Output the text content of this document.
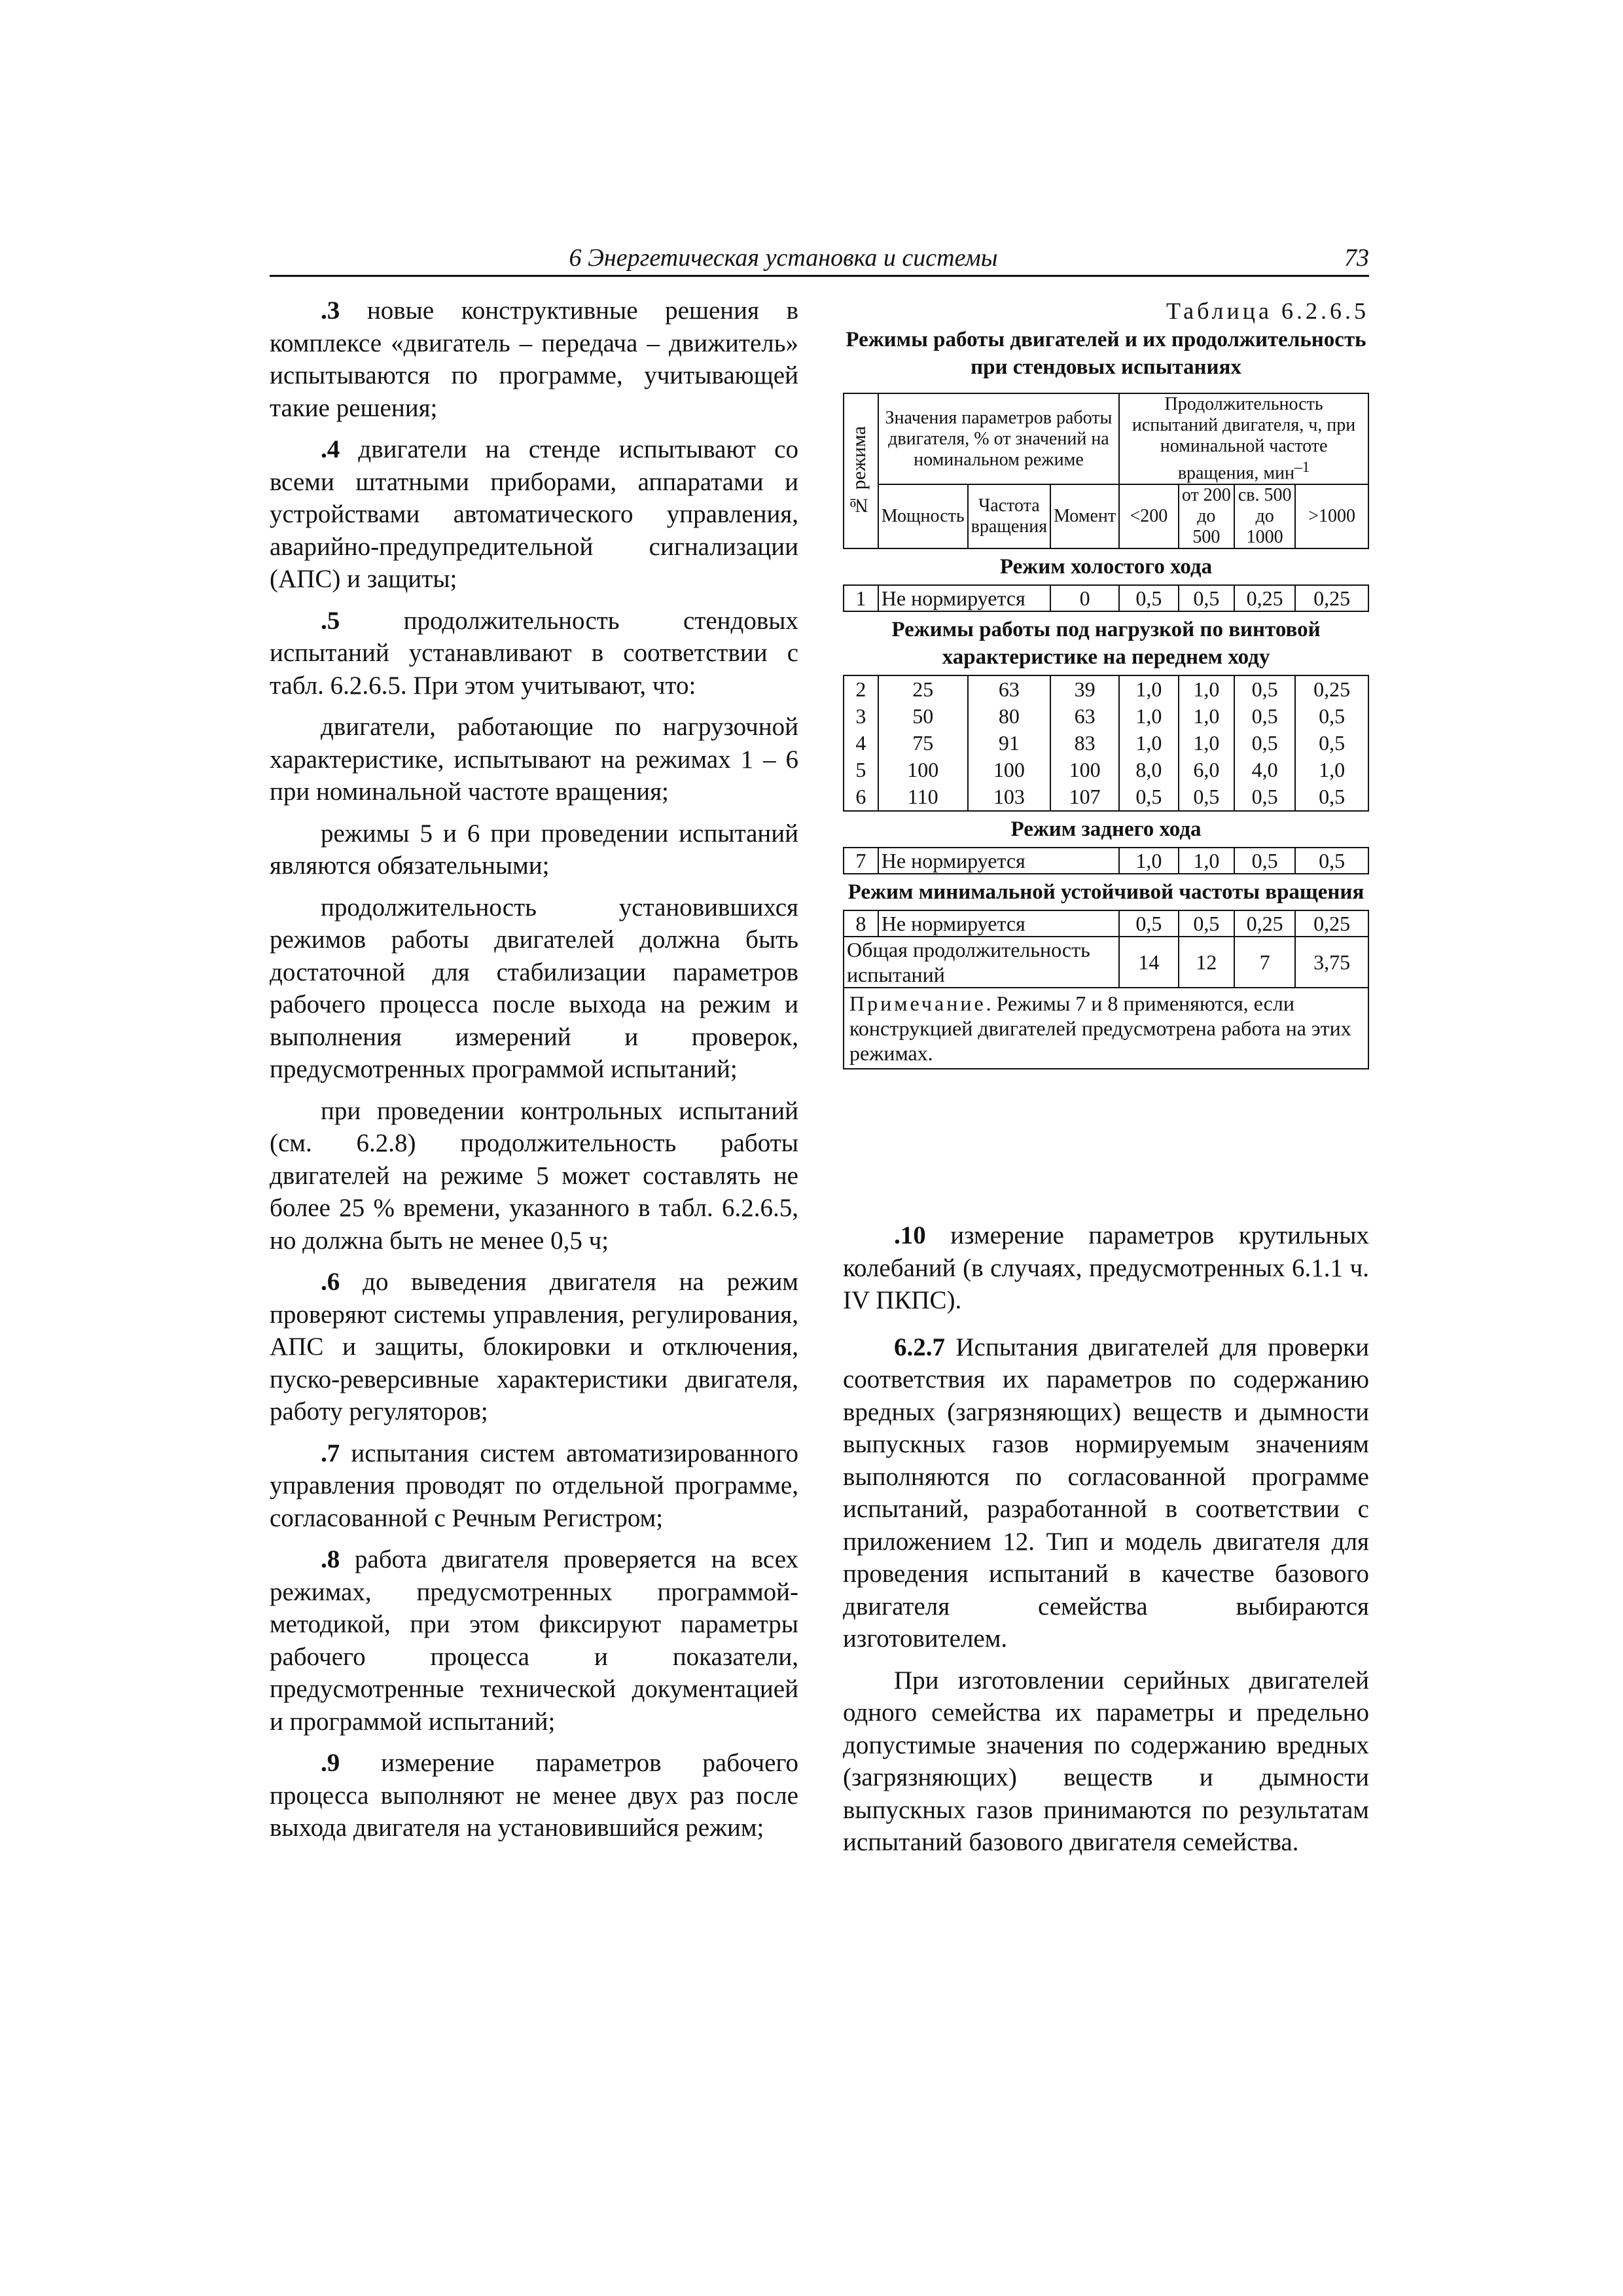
6 Энергетическая установка и системы	73

.3 новые конструктивные решения в комплексе «двигатель – передача – движитель» испытываются по программе, учитывающей такие решения;

.4 двигатели на стенде испытывают со всеми штатными приборами, аппаратами и устройствами автоматического управления, аварийно-предупредительной сигнализации (АПС) и защиты;

.5 продолжительность стендовых испытаний устанавливают в соответствии с табл. 6.2.6.5. При этом учитывают, что:

двигатели, работающие по нагрузочной характеристике, испытывают на режимах 1 – 6 при номинальной частоте вращения;

режимы 5 и 6 при проведении испытаний являются обязательными;

продолжительность установившихся режимов работы двигателей должна быть достаточной для стабилизации параметров рабочего процесса после выхода на режим и выполнения измерений и проверок, предусмотренных программой испытаний;

при проведении контрольных испытаний (см. 6.2.8) продолжительность работы двигателей на режиме 5 может составлять не более 25 % времени, указанного в табл. 6.2.6.5, но должна быть не менее 0,5 ч;

.6 до выведения двигателя на режим проверяют системы управления, регулирования, АПС и защиты, блокировки и отключения, пуско-реверсивные характеристики двигателя, работу регуляторов;

.7 испытания систем автоматизированного управления проводят по отдельной программе, согласованной с Речным Регистром;

.8 работа двигателя проверяется на всех режимах, предусмотренных программой-методикой, при этом фиксируют параметры рабочего процесса и показатели, предусмотренные технической документацией и программой испытаний;

.9 измерение параметров рабочего процесса выполняют не менее двух раз после выхода двигателя на установившийся режим;

Таблица 6.2.6.5
Режимы работы двигателей и их продолжительность при стендовых испытаниях
№ режима	Значения параметров работы двигателя, % от значений на номинальном режиме			Продолжительность испытаний двигателя, ч, при номинальной частоте вращения, мин$^{-1}$
	Мощность	Частота вращения	Момент	<200	от 200 до 500	св. 500 до 1000	>1000
Режим холостого хода							
1	Не нормируется		0	0,5	0,5	0,25	0,25
Режимы работы под нагрузкой по винтовой характеристике на переднем ходу							
2	25	63	39	1,0	1,0	0,5	0,25
3	50	80	63	1,0	1,0	0,5	0,5
4	75	91	83	1,0	1,0	0,5	0,5
5	100	100	100	8,0	6,0	4,0	1,0
6	110	103	107	0,5	0,5	0,5	0,5
Режим заднего хода							
7	Не нормируется			1,0	1,0	0,5	0,5
Режим минимальной устойчивой частоты вращения							
8	Не нормируется			0,5	0,5	0,25	0,25
Общая продолжительность испытаний				14	12	7	3,75
Примечание. Режимы 7 и 8 применяются, если конструкцией двигателей предусмотрена работа на этих режимах.							

.10 измерение параметров крутильных колебаний (в случаях, предусмотренных 6.1.1 ч. IV ПКПС).

6.2.7 Испытания двигателей для проверки соответствия их параметров по содержанию вредных (загрязняющих) веществ и дымности выпускных газов нормируемым значениям выполняются по согласованной программе испытаний, разработанной в соответствии с приложением 12. Тип и модель двигателя для проведения испытаний в качестве базового двигателя семейства выбираются изготовителем.

При изготовлении серийных двигателей одного семейства их параметры и предельно допустимые значения по содержанию вредных (загрязняющих) веществ и дымности выпускных газов принимаются по результатам испытаний базового двигателя семейства.
